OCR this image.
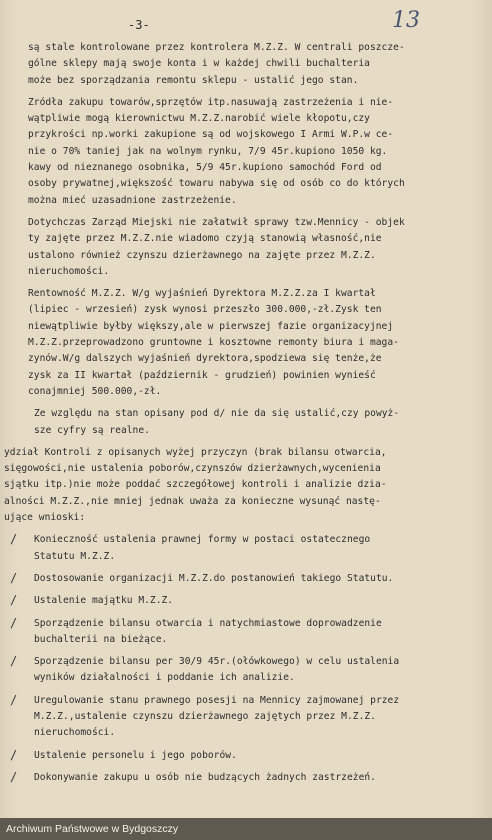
-3-	13

są stale kontrolowane przez kontrolera M.Z.Z. W centrali poszcze-
gólne sklepy mają swoje konta i w każdej chwili buchalteria
może bez sporządzania remontu sklepu - ustalić jego stan.

Zródła zakupu towarów,sprzętów itp.nasuwają zastrzeżenia i nie-
wątpliwie mogą kierownictwu M.Z.Z.narobić wiele kłopotu,czy
przykrości np.worki zakupione są od wojskowego I Armi W.P.w ce-
nie o 70% taniej jak na wolnym rynku, 7/9 45r.kupiono 1050 kg.
kawy od nieznanego osobnika, 5/9 45r.kupiono samochód Ford od
osoby prywatnej,większość towaru nabywa się od osób co do których
można mieć uzasadnione zastrzeżenie.

Dotychczas Zarząd Miejski nie załatwił sprawy tzw.Mennicy - objek
ty zajęte przez M.Z.Z.nie wiadomo czyją stanowią własność,nie
ustalono również czynszu dzierżawnego na zajęte przez M.Z.Z.
nieruchomości.

Rentowność M.Z.Z. W/g wyjaśnień Dyrektora M.Z.Z.za I kwartał
(lipiec - wrzesień) zysk wynosi przeszło 300.000,-zł.Zysk ten
niewątpliwie byłby większy,ale w pierwszej fazie organizacyjnej
M.Z.Z.przeprowadzono gruntowne i kosztowne remonty biura i maga-
zynów.W/g dalszych wyjaśnień dyrektora,spodziewa się tenże,że
zysk za II kwartał (październik - grudzień) powinien wynieść
conajmniej 500.000,-zł.

Ze względu na stan opisany pod d/ nie da się ustalić,czy powyż-
sze cyfry są realne.

ydział Kontroli z opisanych wyżej przyczyn (brak bilansu otwarcia,
sięgowości,nie ustalenia poborów,czynszów dzierżawnych,wycenienia
sjątku itp.)nie może poddać szczegółowej kontroli i analizie dzia-
alności M.Z.Z.,nie mniej jednak uważa za konieczne wysunąć nastę-
ujące wnioski:

/	Konieczność ustalenia prawnej formy w postaci ostatecznego
Statutu M.Z.Z.
/	Dostosowanie organizacji M.Z.Z.do postanowień takiego Statutu.
/	Ustalenie majątku M.Z.Z.
/	Sporządzenie bilansu otwarcia i natychmiastowe doprowadzenie
buchalterii na bieżące.
/	Sporządzenie bilansu per 30/9 45r.(ołówkowego) w celu ustalenia
wyników działalności i poddanie ich analizie.
/	Uregulowanie stanu prawnego posesji na Mennicy zajmowanej przez
M.Z.Z.,ustalenie czynszu dzierżawnego zajętych przez M.Z.Z.
nieruchomości.
/	Ustalenie personelu i jego poborów.
/	Dokonywanie zakupu u osób nie budzących żadnych zastrzeżeń.
Archiwum Państwowe w Bydgoszczy
